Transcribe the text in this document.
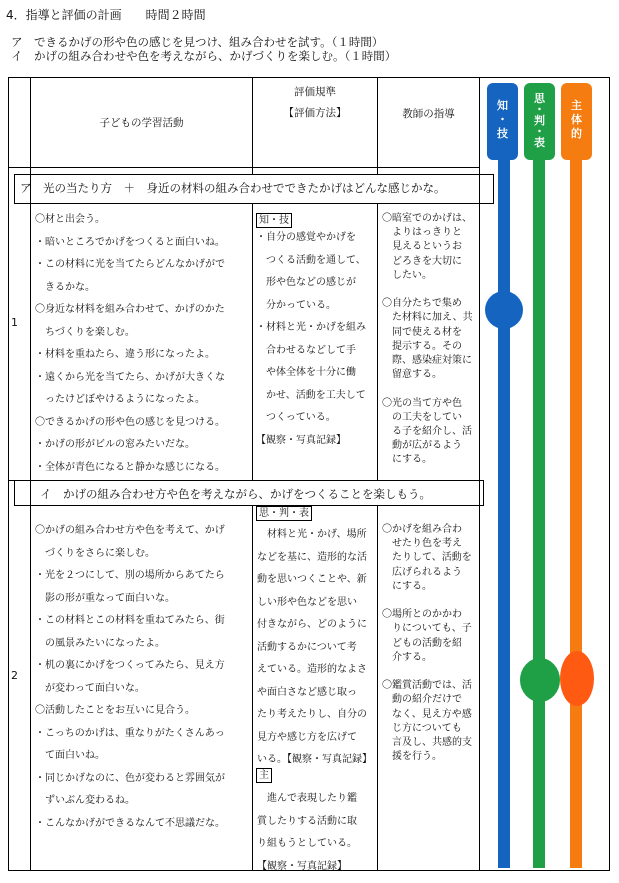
4．指導と評価の計画　　時間２時間
ア　できるかげの形や色の感じを見つけ、組み合わせを試す。（１時間）
イ　かげの組み合わせや色を考えながら、かげづくりを楽しむ。（１時間）
子どもの学習活動
評価規準
【評価方法】	教師の指導
ア　光の当たり方　＋　身近の材料の組み合わせでできたかげはどんな感じかな。
1
〇材と出会う。
・暗いところでかげをつくると面白いね。
・この材料に光を当てたらどんなかげがで
　きるかな。
〇身近な材料を組み合わせて、かげのかた
　ちづくりを楽しむ。
・材料を重ねたら、違う形になったよ。
・遠くから光を当てたら、かげが大きくな
　ったけどぼやけるようになったよ。
〇できるかげの形や色の感じを見つける。
・かげの形がビルの窓みたいだな。
・全体が青色になると静かな感じになる。
知・技
・自分の感覚やかげを
　つくる活動を通して、
　形や色などの感じが
　分かっている。
・材料と光・かげを組み
　合わせるなどして手
　や体全体を十分に働
　かせ、活動を工夫して
　つくっている。
【観察・写真記録】
〇暗室でのかげは、
　よりはっきりと
　見えるというお
　どろきを大切に
　したい。

〇自分たちで集め
　た材料に加え、共
　同で使える材を
　提示する。その
　際、感染症対策に
　留意する。

〇光の当て方や色
　の工夫をしてい
　る子を紹介し、活
　動が広がるよう
　にする。
イ　かげの組み合わせ方や色を考えながら、かげをつくることを楽しもう。
2
〇かげの組み合わせ方や色を考えて、かげ
　づくりをさらに楽しむ。
・光を２つにして、別の場所からあてたら
　影の形が重なって面白いな。
・この材料とこの材料を重ねてみたら、街
　の風景みたいになったよ。
・机の裏にかげをつくってみたら、見え方
　が変わって面白いな。
〇活動したことをお互いに見合う。
・こっちのかげは、重なりがたくさんあっ
　て面白いね。
・同じかげなのに、色が変わると雰囲気が
　ずいぶん変わるね。
・こんなかげができるなんて不思議だな。
思・判・表
　材料と光・かげ、場所
などを基に、造形的な活
動を思いつくことや、新
しい形や色などを思い
付きながら、どのように
活動するかについて考
えている。造形的なよさ
や面白さなど感じ取っ
たり考えたりし、自分の
見方や感じ方を広げて
いる。【観察・写真記録】
主
　進んで表現したり鑑
賞したりする活動に取
り組もうとしている。
【観察・写真記録】
〇かげを組み合わ
　せたり色を考え
　たりして、活動を
　広げられるよう
　にする。

〇場所とのかかわ
　りについても、子
　どもの活動を紹
　介する。

〇鑑賞活動では、活
　動の紹介だけで
　なく、見え方や感
　じ方についても
　言及し、共感的支
　援を行う。
知
・
技
思
・
判
・
表
主
体
的
